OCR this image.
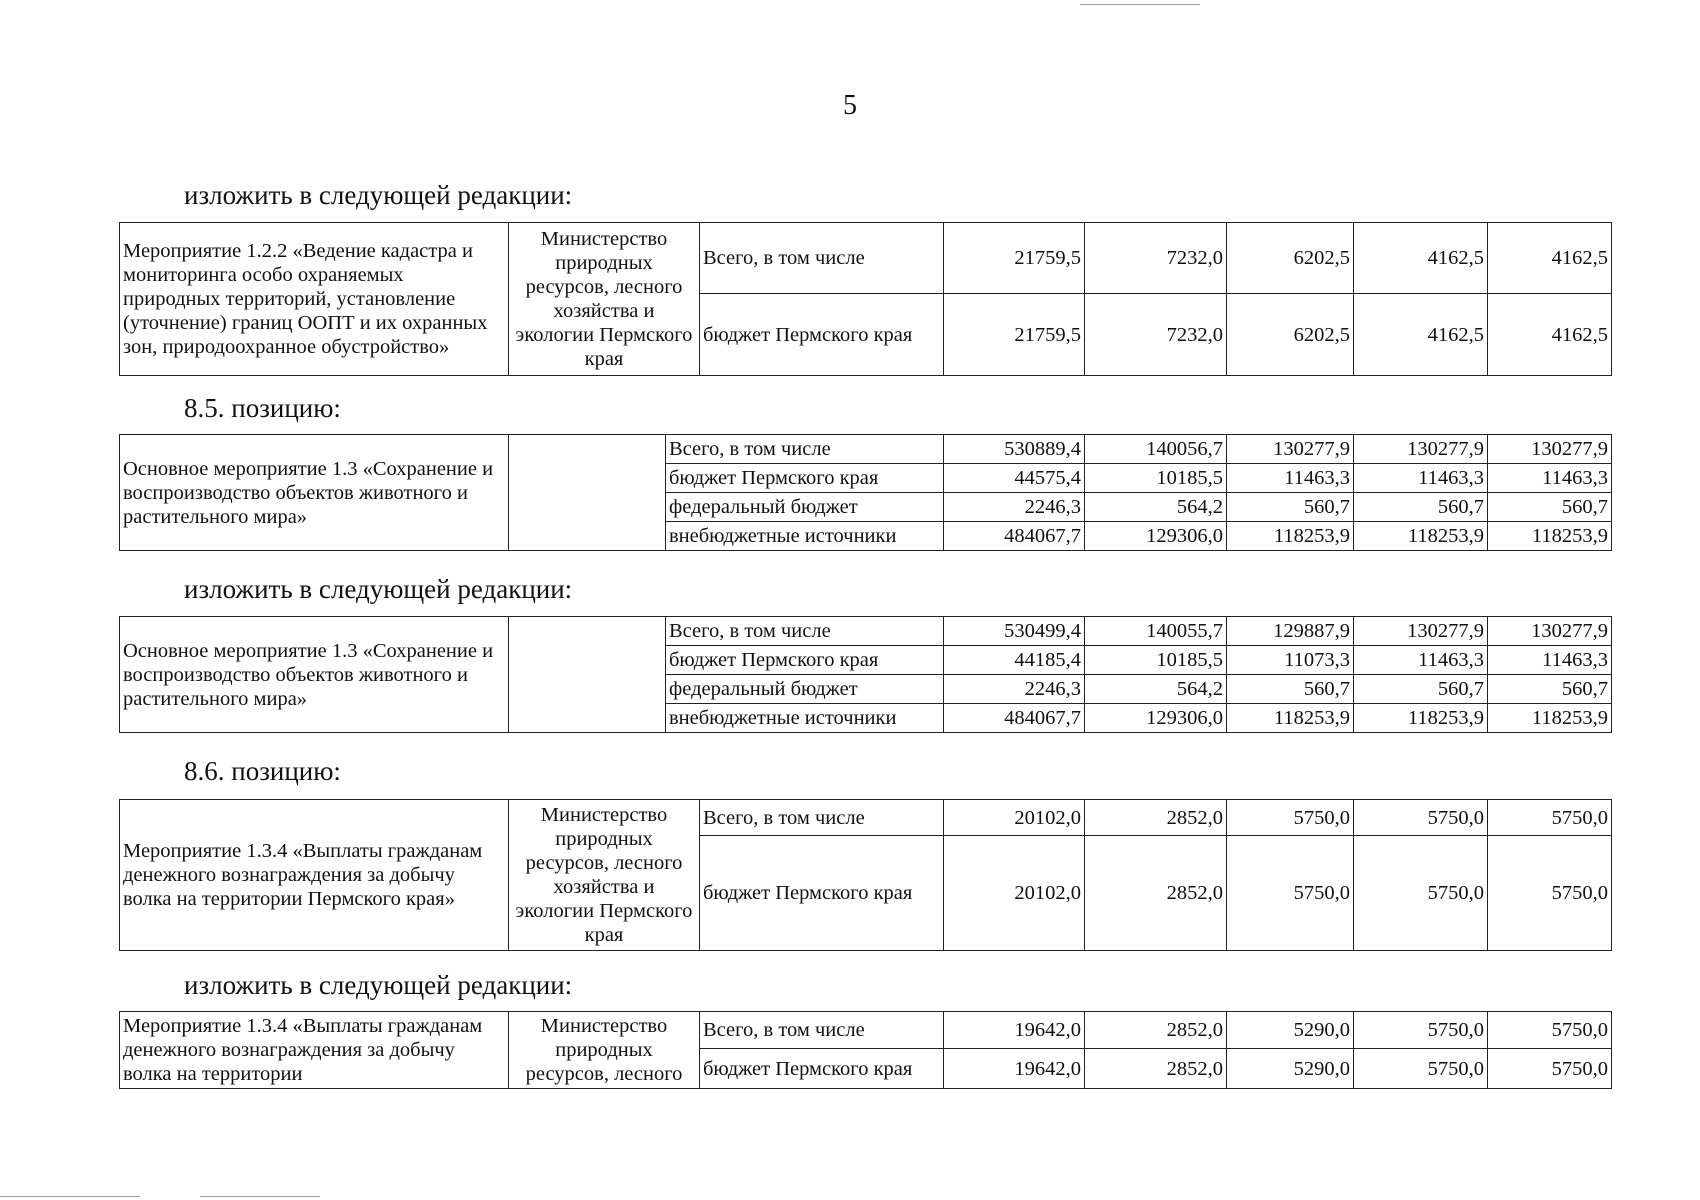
5
изложить в следующей редакции:
Мероприятие 1.2.2 «Ведение кадастра и мониторинга особо охраняемых природных территорий, установление (уточнение) границ ООПТ и их охранных зон, природоохранное обустройство»	Министерство природных ресурсов, лесного хозяйства и экологии Пермского края	Всего, в том числе	21759,5	7232,0	6202,5	4162,5	4162,5
		бюджет Пермского края	21759,5	7232,0	6202,5	4162,5	4162,5
8.5. позицию:
Основное мероприятие 1.3 «Сохранение и воспроизводство объектов животного и растительного мира»		Всего, в том числе	530889,4	140056,7	130277,9	130277,9	130277,9
		бюджет Пермского края	44575,4	10185,5	11463,3	11463,3	11463,3
		федеральный бюджет	2246,3	564,2	560,7	560,7	560,7
		внебюджетные источники	484067,7	129306,0	118253,9	118253,9	118253,9
изложить в следующей редакции:
Основное мероприятие 1.3 «Сохранение и воспроизводство объектов животного и растительного мира»		Всего, в том числе	530499,4	140055,7	129887,9	130277,9	130277,9
		бюджет Пермского края	44185,4	10185,5	11073,3	11463,3	11463,3
		федеральный бюджет	2246,3	564,2	560,7	560,7	560,7
		внебюджетные источники	484067,7	129306,0	118253,9	118253,9	118253,9
8.6. позицию:
Мероприятие 1.3.4 «Выплаты гражданам денежного вознаграждения за добычу волка на территории Пермского края»	Министерство природных ресурсов, лесного хозяйства и экологии Пермского края	Всего, в том числе	20102,0	2852,0	5750,0	5750,0	5750,0
		бюджет Пермского края	20102,0	2852,0	5750,0	5750,0	5750,0
изложить в следующей редакции:
Мероприятие 1.3.4 «Выплаты гражданам денежного вознаграждения за добычу волка на территории	Министерство природных ресурсов, лесного	Всего, в том числе	19642,0	2852,0	5290,0	5750,0	5750,0
		бюджет Пермского края	19642,0	2852,0	5290,0	5750,0	5750,0
